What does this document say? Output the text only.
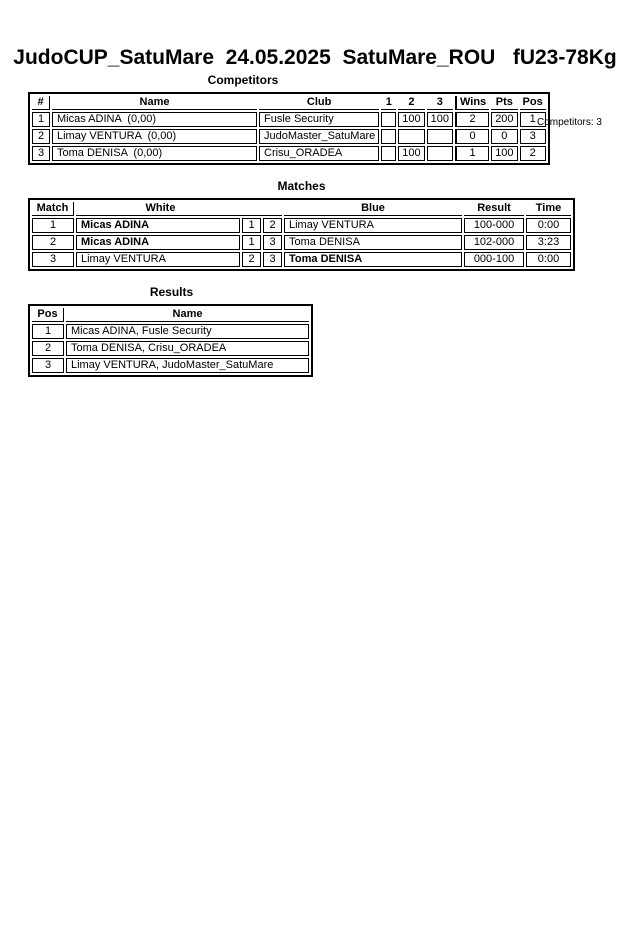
JudoCUP_SatuMare  24.05.2025  SatuMare_ROU   fU23-78Kg
Competitors: 3
Competitors
#	Name	Club	1	2	3	Wins	Pts	Pos
1	Micas ADINA  (0,00)	Fusle Security		100	100	2	200	1
2	Limay VENTURA  (0,00)	JudoMaster_SatuMare				0	0	3
3	Toma DENISA  (0,00)	Crisu_ORADEA		100		1	100	2
Matches
Match	White			Blue	Result	Time
1	Micas ADINA	1	2	Limay VENTURA	100-000	0:00
2	Micas ADINA	1	3	Toma DENISA	102-000	3:23
3	Limay VENTURA	2	3	Toma DENISA	000-100	0:00
Results
Pos	Name
1	Micas ADINA, Fusle Security
2	Toma DENISA, Crisu_ORADEA
3	Limay VENTURA, JudoMaster_SatuMare
